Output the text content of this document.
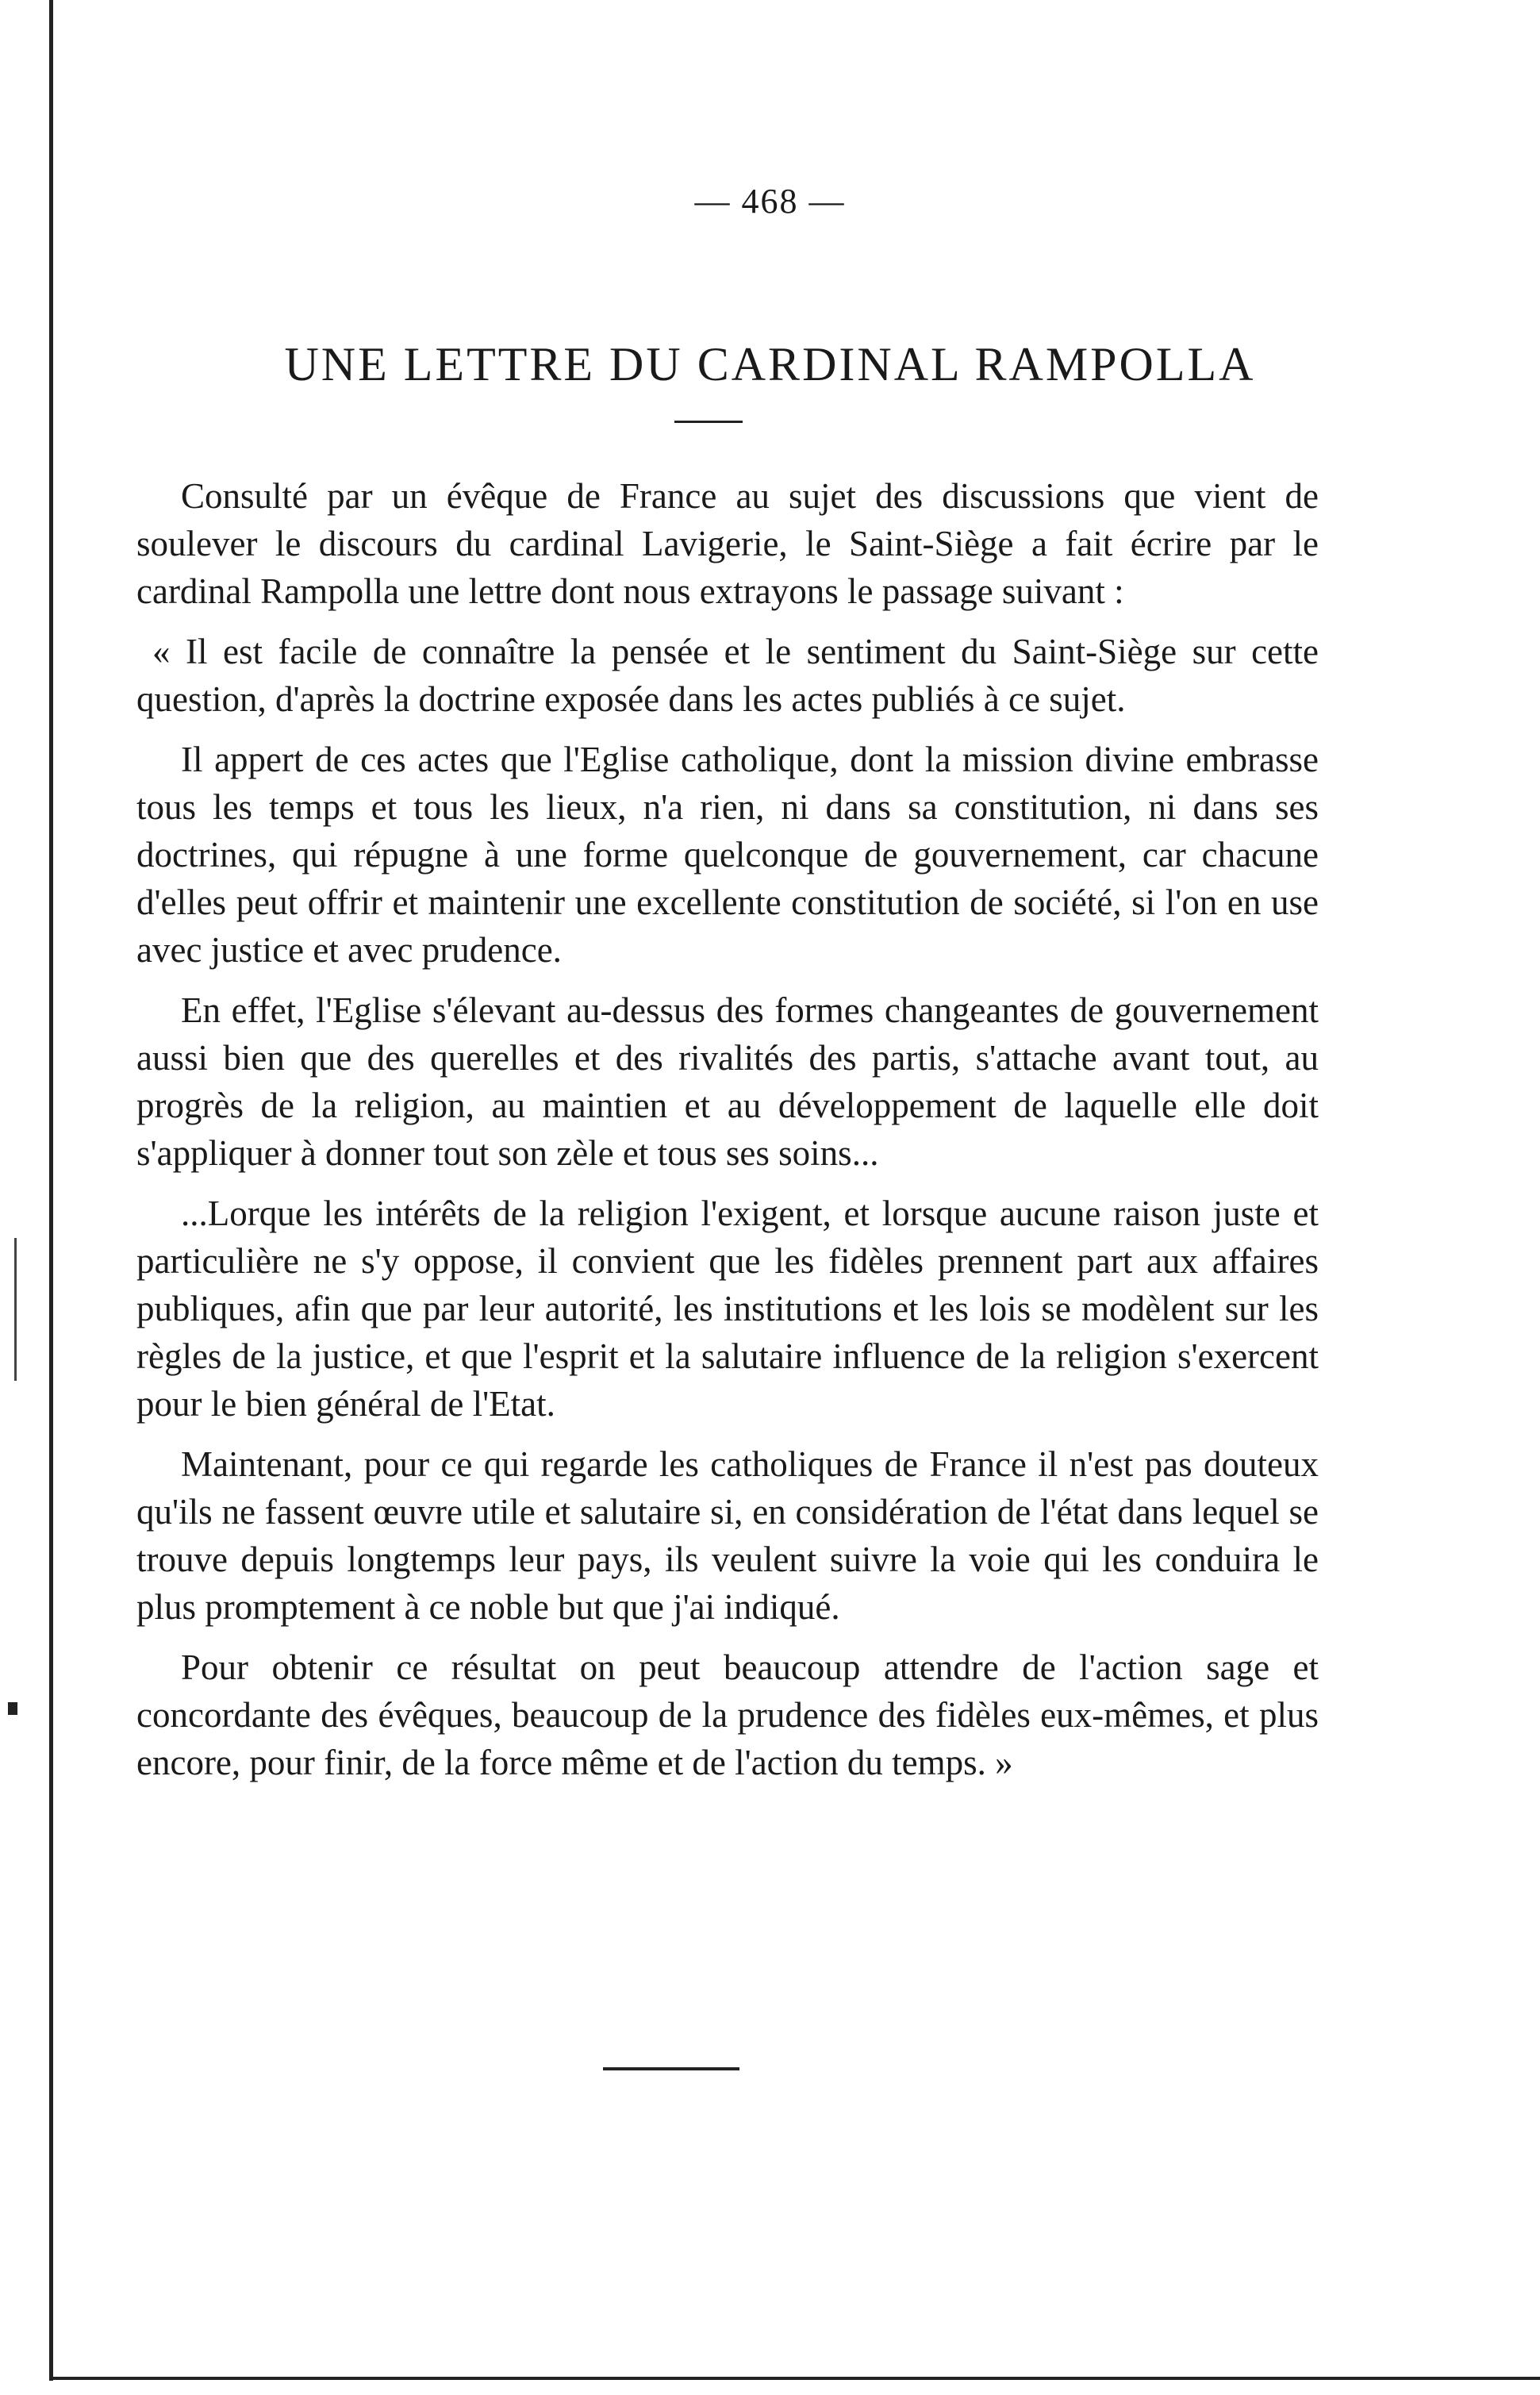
— 468 —
UNE LETTRE DU CARDINAL RAMPOLLA

Consulté par un évêque de France au sujet des discussions que vient de soulever le discours du cardinal Lavigerie, le Saint-Siège a fait écrire par le cardinal Rampolla une lettre dont nous extrayons le passage suivant :

« Il est facile de connaître la pensée et le sentiment du Saint-Siège sur cette question, d'après la doctrine exposée dans les actes publiés à ce sujet.

Il appert de ces actes que l'Eglise catholique, dont la mission divine embrasse tous les temps et tous les lieux, n'a rien, ni dans sa constitution, ni dans ses doctrines, qui répugne à une forme quelconque de gouvernement, car chacune d'elles peut offrir et maintenir une excellente constitution de société, si l'on en use avec justice et avec prudence.

En effet, l'Eglise s'élevant au-dessus des formes changeantes de gouvernement aussi bien que des querelles et des rivalités des partis, s'attache avant tout, au progrès de la religion, au maintien et au développement de laquelle elle doit s'appliquer à donner tout son zèle et tous ses soins...

...Lorque les intérêts de la religion l'exigent, et lorsque aucune raison juste et particulière ne s'y oppose, il convient que les fidèles prennent part aux affaires publiques, afin que par leur autorité, les institutions et les lois se modèlent sur les règles de la justice, et que l'esprit et la salutaire influence de la religion s'exercent pour le bien général de l'Etat.

Maintenant, pour ce qui regarde les catholiques de France il n'est pas douteux qu'ils ne fassent œuvre utile et salutaire si, en considération de l'état dans lequel se trouve depuis longtemps leur pays, ils veulent suivre la voie qui les conduira le plus promptement à ce noble but que j'ai indiqué.

Pour obtenir ce résultat on peut beaucoup attendre de l'action sage et concordante des évêques, beaucoup de la prudence des fidèles eux-mêmes, et plus encore, pour finir, de la force même et de l'action du temps. »
